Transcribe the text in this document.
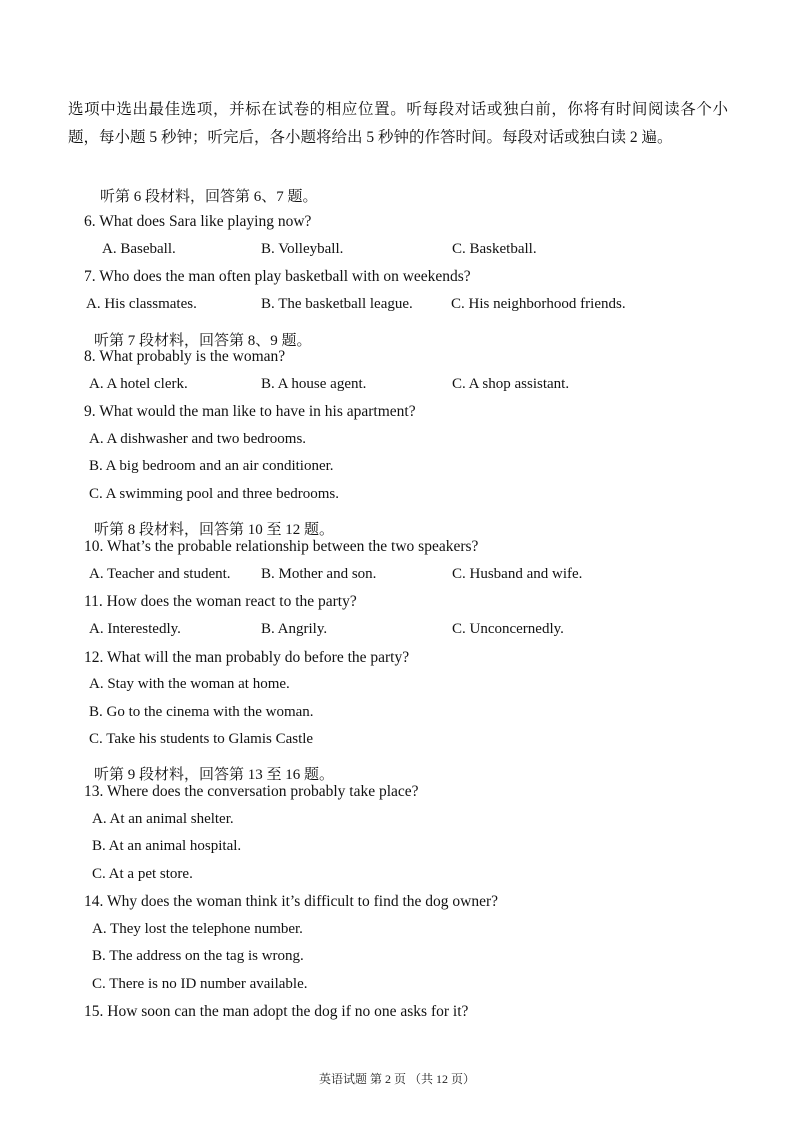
选项中选出最佳选项，并标在试卷的相应位置。听每段对话或独白前，你将有时间阅读各个小题，每小题 5 秒钟；听完后，各小题将给出 5 秒钟的作答时间。每段对话或独白读 2 遍。
听第 6 段材料，回答第 6、7 题。
6. What does Sara like playing now?
A. Baseball.	B. Volleyball.	C. Basketball.
7. Who does the man often play basketball with on weekends?
A. His classmates.	B. The basketball league.	C. His neighborhood friends.
听第 7 段材料，回答第 8、9 题。
8. What probably is the woman?
A. A hotel clerk.	B. A house agent.	C. A shop assistant.
9. What would the man like to have in his apartment?
A. A dishwasher and two bedrooms.
B. A big bedroom and an air conditioner.
C. A swimming pool and three bedrooms.
听第 8 段材料，回答第 10 至 12 题。
10. What’s the probable relationship between the two speakers?
A. Teacher and student. B. Mother and son.	C. Husband and wife.
11. How does the woman react to the party?
A. Interestedly.	B. Angrily.	C. Unconcernedly.
12. What will the man probably do before the party?
A. Stay with the woman at home.
B. Go to the cinema with the woman.
C. Take his students to Glamis Castle
听第 9 段材料，回答第 13 至 16 题。
13. Where does the conversation probably take place?
A. At an animal shelter.
B. At an animal hospital.
C. At a pet store.
14. Why does the woman think it’s difficult to find the dog owner?
A. They lost the telephone number.
B. The address on the tag is wrong.
C. There is no ID number available.
15. How soon can the man adopt the dog if no one asks for it?
英语试题 第 2 页 （共 12 页）
